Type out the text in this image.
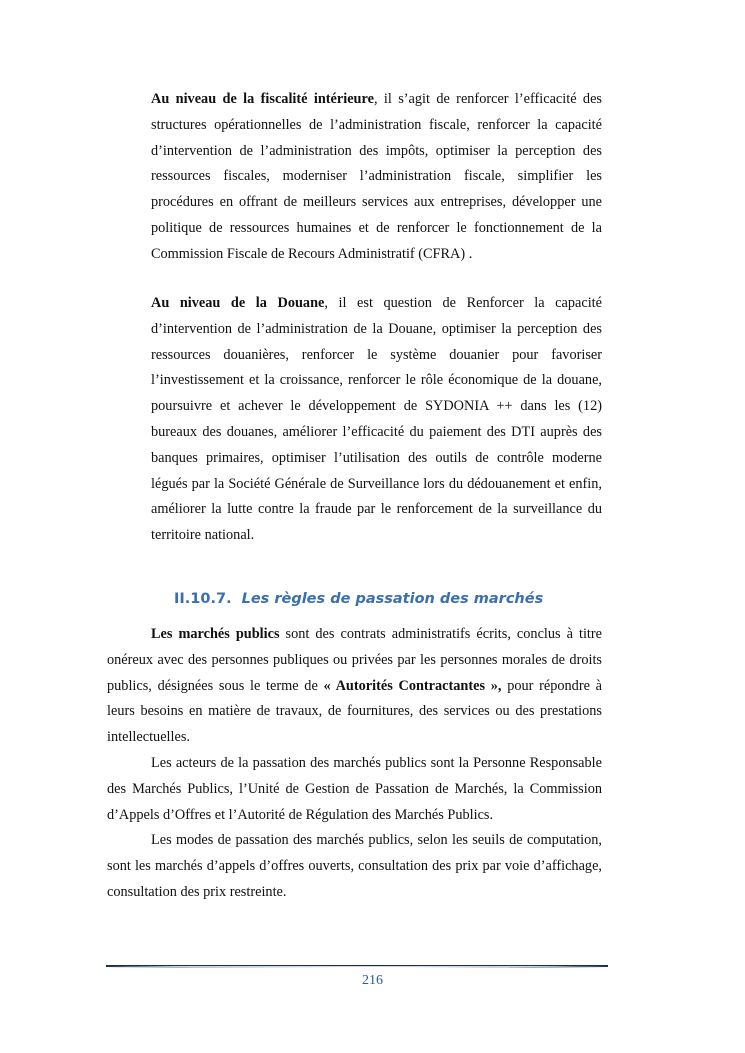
Au niveau de la fiscalité intérieure, il s’agit de renforcer l’efficacité des structures opérationnelles de l’administration fiscale, renforcer la capacité d’intervention de l’administration des impôts, optimiser la perception des ressources fiscales, moderniser l’administration fiscale, simplifier les procédures en offrant de meilleurs services aux entreprises, développer une politique de ressources humaines et de renforcer le fonctionnement de la Commission Fiscale de Recours Administratif (CFRA) .

Au niveau de la Douane, il est question de Renforcer la capacité d’intervention de l’administration de la Douane, optimiser la perception des ressources douanières, renforcer le système douanier pour favoriser l’investissement et la croissance, renforcer le rôle économique de la douane, poursuivre et achever le développement de SYDONIA ++ dans les (12) bureaux des douanes, améliorer l’efficacité du paiement des DTI auprès des banques primaires, optimiser l’utilisation des outils de contrôle moderne légués par la Société Générale de Surveillance lors du dédouanement et enfin, améliorer la lutte contre la fraude par le renforcement de la surveillance du territoire national.

II.10.7. Les règles de passation des marchés

Les marchés publics sont des contrats administratifs écrits, conclus à titre onéreux avec des personnes publiques ou privées par les personnes morales de droits publics, désignées sous le terme de « Autorités Contractantes », pour répondre à leurs besoins en matière de travaux, de fournitures, des services ou des prestations intellectuelles.

Les acteurs de la passation des marchés publics sont la Personne Responsable des Marchés Publics, l’Unité de Gestion de Passation de Marchés, la Commission d’Appels d’Offres et l’Autorité de Régulation des Marchés Publics.

Les modes de passation des marchés publics, selon les seuils de computation, sont les marchés d’appels d’offres ouverts, consultation des prix par voie d’affichage, consultation des prix restreinte.

216
